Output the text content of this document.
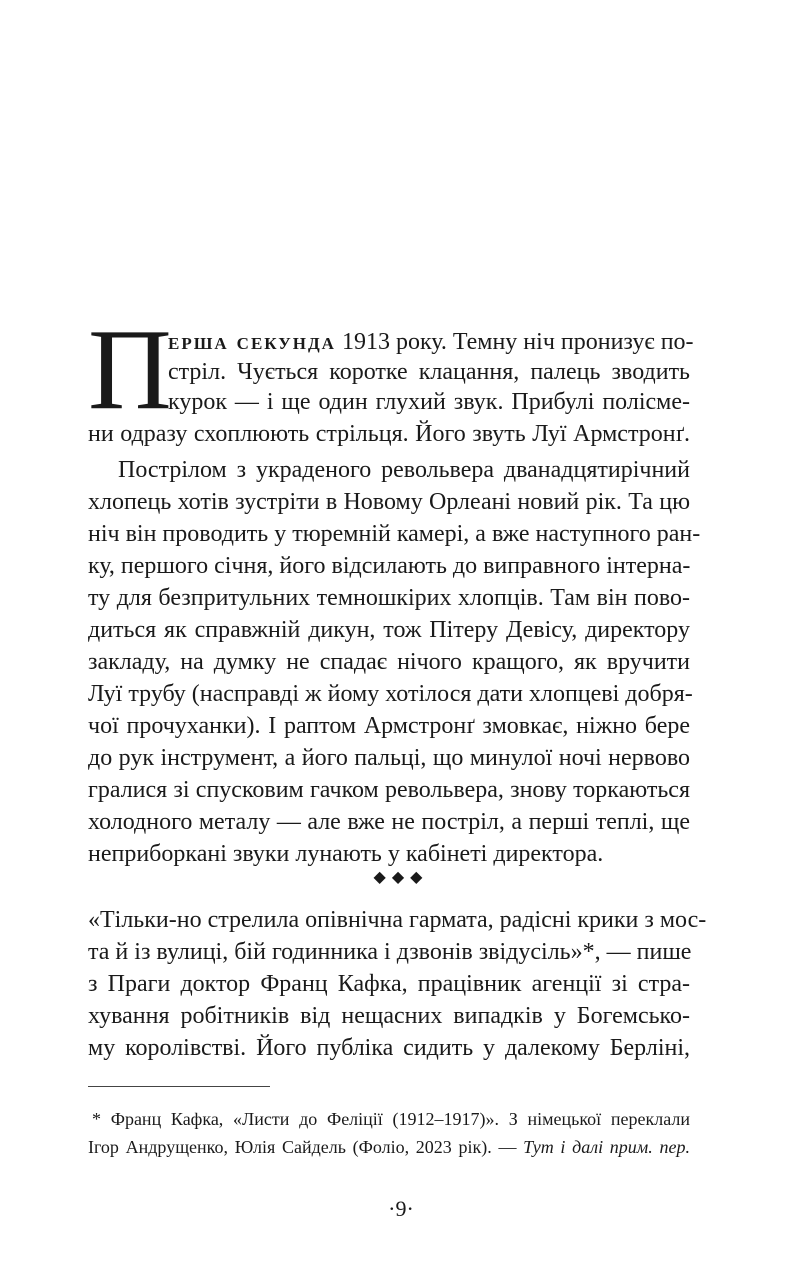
П
ерша секунда 1913 року. Темну ніч пронизує по-
стріл. Чується коротке клацання, палець зводить
курок — і ще один глухий звук. Прибулі полісме-
ни одразу схоплюють стрільця. Його звуть Луї Армстронґ.
Пострілом з украденого револьвера дванадцятирічний
хлопець хотів зустріти в Новому Орлеані новий рік. Та цю
ніч він проводить у тюремній камері, а вже наступного ран-
ку, першого січня, його відсилають до виправного інтерна-
ту для безпритульних темношкірих хлопців. Там він пово-
диться як справжній дикун, тож Пітеру Девісу, директору
закладу, на думку не спадає нічого кращого, як вручити
Луї трубу (насправді ж йому хотілося дати хлопцеві добря-
чої прочуханки). І раптом Армстронґ змовкає, ніжно бере
до рук інструмент, а його пальці, що минулої ночі нервово
гралися зі спусковим гачком револьвера, знову торкаються
холодного металу — але вже не постріл, а перші теплі, ще
неприборкані звуки лунають у кабінеті директора.
◆◆◆
«Тільки-но стрелила опівнічна гармата, радісні крики з мос-
та й із вулиці, бій годинника і дзвонів звідусіль»*, — пише
з Праги доктор Франц Кафка, працівник агенції зі стра-
хування робітників від нещасних випадків у Богемсько-
му королівстві. Його публіка сидить у далекому Берліні,
* Франц Кафка, «Листи до Феліції (1912–1917)». З німецької переклали
Ігор Андрущенко, Юлія Сайдель (Фоліо, 2023 рік). — Тут і далі прим. пер.
·9·
